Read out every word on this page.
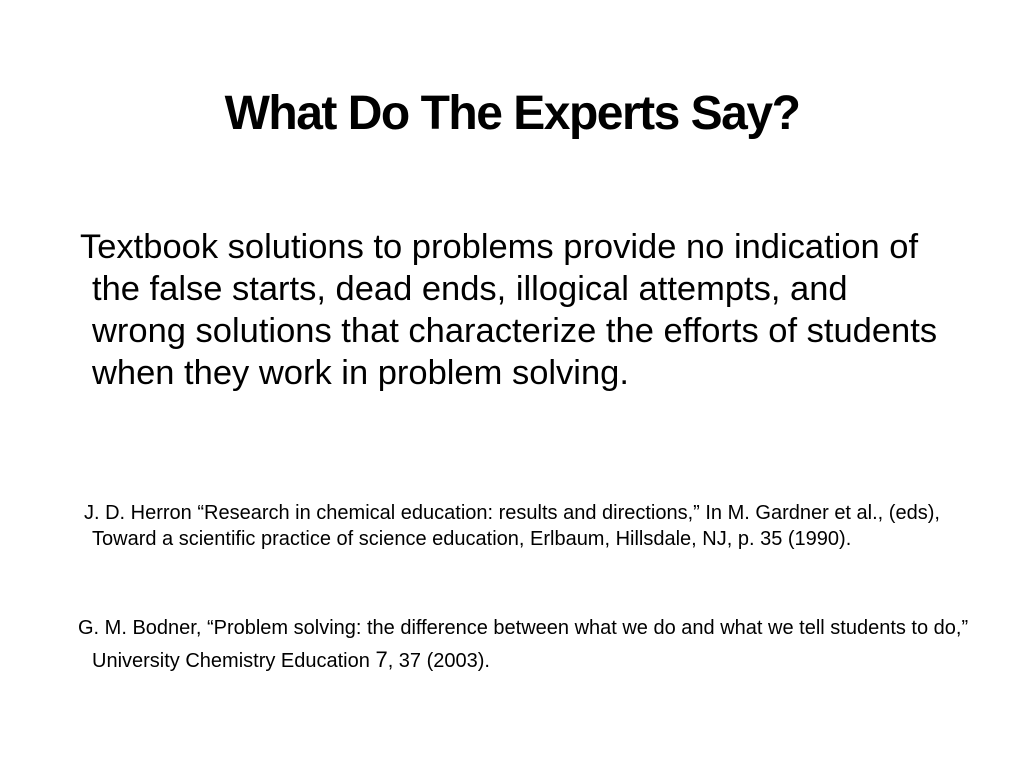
What Do The Experts Say?

Textbook solutions to problems provide no indication of the false starts, dead ends, illogical attempts, and wrong solutions that characterize the efforts of students when they work in problem solving.

J. D. Herron “Research in chemical education: results and directions,” In M. Gardner et al., (eds), Toward a scientific practice of science education, Erlbaum, Hillsdale, NJ, p. 35 (1990).

G. M. Bodner, “Problem solving: the difference between what we do and what we tell students to do,” University Chemistry Education 7, 37 (2003).
